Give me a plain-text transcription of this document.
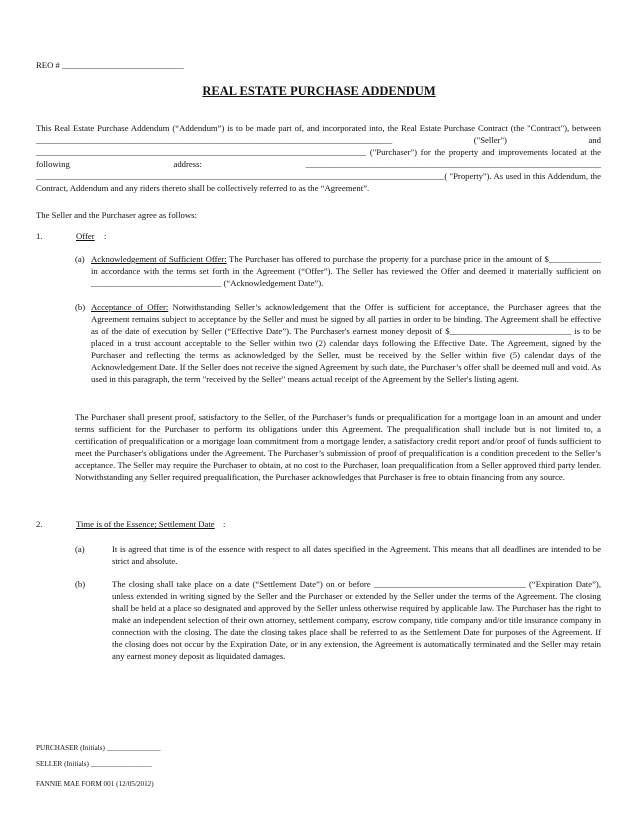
REO # ____________________________
REAL ESTATE PURCHASE ADDENDUM
This Real Estate Purchase Addendum (“Addendum”) is to be made part of, and incorporated into, the Real Estate Purchase Contract (the "Contract"), between __________________________________________________________________________________ ("Seller") and ____________________________________________________________________________ ("Purchaser") for the property and improvements located at the following address: ____________________________________________________________________ ______________________________________________________________________________________________( "Property"). As used in this Addendum, the Contract, Addendum and any riders thereto shall be collectively referred to as the “Agreement”.
The Seller and the Purchaser agree as follows:
1.	Offer :
(a) Acknowledgement of Sufficient Offer: The Purchaser has offered to purchase the property for a purchase price in the amount of $____________ in accordance with the terms set forth in the Agreement (“Offer”). The Seller has reviewed the Offer and deemed it materially sufficient on ______________________________ (“Acknowledgement Date”).
(b) Acceptance of Offer: Notwithstanding Seller’s acknowledgement that the Offer is sufficient for acceptance, the Purchaser agrees that the Agreement remains subject to acceptance by the Seller and must be signed by all parties in order to be binding. The Agreement shall be effective as of the date of execution by Seller (“Effective Date”). The Purchaser's earnest money deposit of $____________________________ is to be placed in a trust account acceptable to the Seller within two (2) calendar days following the Effective Date. The Agreement, signed by the Purchaser and reflecting the terms as acknowledged by the Seller, must be received by the Seller within five (5) calendar days of the Acknowledgement Date. If the Seller does not receive the signed Agreement by such date, the Purchaser’s offer shall be deemed null and void. As used in this paragraph, the term "received by the Seller" means actual receipt of the Agreement by the Seller's listing agent.
The Purchaser shall present proof, satisfactory to the Seller, of the Purchaser’s funds or prequalification for a mortgage loan in an amount and under terms sufficient for the Purchaser to perform its obligations under this Agreement. The prequalification shall include but is not limited to, a certification of prequalification or a mortgage loan commitment from a mortgage lender, a satisfactory credit report and/or proof of funds sufficient to meet the Purchaser's obligations under the Agreement. The Purchaser’s submission of proof of prequalification is a condition precedent to the Seller’s acceptance. The Seller may require the Purchaser to obtain, at no cost to the Purchaser, loan prequalification from a Seller approved third party lender. Notwithstanding any Seller required prequalification, the Purchaser acknowledges that Purchaser is free to obtain financing from any source.
2.	Time is of the Essence; Settlement Date :
(a)	It is agreed that time is of the essence with respect to all dates specified in the Agreement. This means that all deadlines are intended to be strict and absolute.
(b)	The closing shall take place on a date (“Settlement Date”) on or before ___________________________________ (“Expiration Date”), unless extended in writing signed by the Seller and the Purchaser or extended by the Seller under the terms of the Agreement. The closing shall be held at a place so designated and approved by the Seller unless otherwise required by applicable law. The Purchaser has the right to make an independent selection of their own attorney, settlement company, escrow company, title company and/or title insurance company in connection with the closing. The date the closing takes place shall be referred to as the Settlement Date for purposes of the Agreement. If the closing does not occur by the Expiration Date, or in any extension, the Agreement is automatically terminated and the Seller may retain any earnest money deposit as liquidated damages.
PURCHASER (Initials) _______________
SELLER (Initials) _________________
FANNIE MAE FORM 001 (12/05/2012)
